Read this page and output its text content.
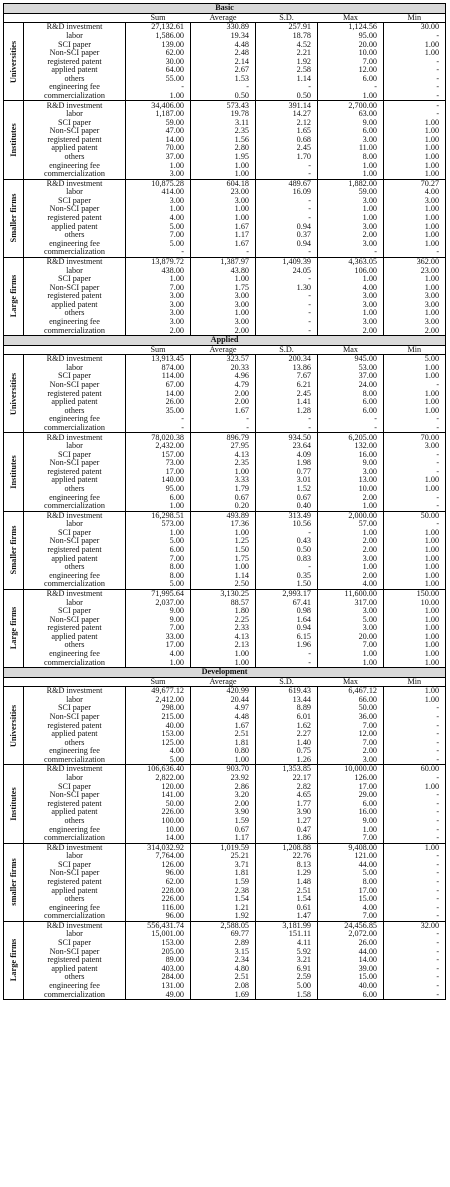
Basic						
		Sum	Average	S.D.	Max	Min

Universities	R&D investment	27,132.61	330.89	257.91	1,124.56	30.00
	labor	1,586.00	19.34	18.78	95.00	-
	SCI paper	139.00	4.48	4.52	20.00	1.00
	Non-SCI paper	62.00	2.48	2.21	10.00	1.00
	registered patent	30.00	2.14	1.92	7.00	-
	applied patent	64.00	2.67	2.58	12.00	-
	others	55.00	1.53	1.14	6.00	-
	engineering fee	-	-	-	-	-
	commercialization	1.00	0.50	0.50	1.00	-

Institutes	R&D investment	34,406.00	573.43	391.14	2,700.00	-
	labor	1,187.00	19.78	14.27	63.00	-
	SCI paper	59.00	3.11	2.12	9.00	1.00
	Non-SCI paper	47.00	2.35	1.65	6.00	1.00
	registered patent	14.00	1.56	0.68	3.00	1.00
	applied patent	70.00	2.80	2.45	11.00	1.00
	others	37.00	1.95	1.70	8.00	1.00
	engineering fee	1.00	1.00	-	1.00	1.00
	commercialization	3.00	1.00	-	1.00	1.00

Smaller firms	R&D investment	10,875.28	604.18	489.67	1,882.00	70.27
	labor	414.00	23.00	16.09	59.00	4.00
	SCI paper	3.00	3.00	-	3.00	3.00
	Non-SCI paper	1.00	1.00	-	1.00	1.00
	registered patent	4.00	1.00	-	1.00	1.00
	applied patent	5.00	1.67	0.94	3.00	1.00
	others	7.00	1.17	0.37	2.00	1.00
	engineering fee	5.00	1.67	0.94	3.00	1.00
	commercialization	-	-	-	-	-

Large firms	R&D investment	13,879.72	1,387.97	1,409.39	4,363.05	362.00
	labor	438.00	43.80	24.05	106.00	23.00
	SCI paper	1.00	1.00	-	1.00	1.00
	Non-SCI paper	7.00	1.75	1.30	4.00	1.00
	registered patent	3.00	3.00	-	3.00	3.00
	applied patent	3.00	3.00	-	3.00	3.00
	others	3.00	1.00	-	1.00	1.00
	engineering fee	3.00	3.00	-	3.00	3.00
	commercialization	2.00	2.00	-	2.00	2.00
Applied						
		Sum	Average	S.D.	Max	Min

Universities	R&D investment	13,913.45	323.57	200.34	945.00	5.00
	labor	874.00	20.33	13.86	53.00	1.00
	SCI paper	114.00	4.96	7.67	37.00	1.00
	Non-SCI paper	67.00	4.79	6.21	24.00	-
	registered patent	14.00	2.00	2.45	8.00	1.00
	applied patent	26.00	2.00	1.41	6.00	1.00
	others	35.00	1.67	1.28	6.00	1.00
	engineering fee	-	-	-	-	-
	commercialization	-	-	-	-	-

Institutes	R&D investment	78,020.38	896.79	934.50	6,205.00	70.00
	labor	2,432.00	27.95	23.64	132.00	3.00
	SCI paper	157.00	4.13	4.09	16.00	-
	Non-SCI paper	73.00	2.35	1.98	9.00	-
	registered patent	17.00	1.00	0.77	3.00	-
	applied patent	140.00	3.33	3.01	13.00	1.00
	others	95.00	1.79	1.52	10.00	1.00
	engineering fee	6.00	0.67	0.67	2.00	-
	commercialization	1.00	0.20	0.40	1.00	-

Smaller firms	R&D investment	16,298.51	493.89	313.49	2,000.00	50.00
	labor	573.00	17.36	10.56	57.00	-
	SCI paper	1.00	1.00	-	1.00	1.00
	Non-SCI paper	5.00	1.25	0.43	2.00	1.00
	registered patent	6.00	1.50	0.50	2.00	1.00
	applied patent	7.00	1.75	0.83	3.00	1.00
	others	8.00	1.00	-	1.00	1.00
	engineering fee	8.00	1.14	0.35	2.00	1.00
	commercialization	5.00	2.50	1.50	4.00	1.00

Large firms	R&D investment	71,995.64	3,130.25	2,993.17	11,600.00	150.00
	labor	2,037.00	88.57	67.41	317.00	10.00
	SCI paper	9.00	1.80	0.98	3.00	1.00
	Non-SCI paper	9.00	2.25	1.64	5.00	1.00
	registered patent	7.00	2.33	0.94	3.00	1.00
	applied patent	33.00	4.13	6.15	20.00	1.00
	others	17.00	2.13	1.96	7.00	1.00
	engineering fee	4.00	1.00	-	1.00	1.00
	commercialization	1.00	1.00	-	1.00	1.00
Development						
		Sum	Average	S.D.	Max	Min

Universities	R&D investment	49,677.12	420.99	619.43	6,467.12	1.00
	labor	2,412.00	20.44	13.44	66.00	1.00
	SCI paper	298.00	4.97	8.89	50.00	-
	Non-SCI paper	215.00	4.48	6.01	36.00	-
	registered patent	40.00	1.67	1.62	7.00	-
	applied patent	153.00	2.51	2.27	12.00	-
	others	125.00	1.81	1.40	7.00	-
	engineering fee	4.00	0.80	0.75	2.00	-
	commercialization	5.00	1.00	1.26	3.00	-

Institutes	R&D investment	106,636.40	903.70	1,353.85	10,000.00	60.00
	labor	2,822.00	23.92	22.17	126.00	-
	SCI paper	120.00	2.86	2.82	17.00	1.00
	Non-SCI paper	141.00	3.20	4.65	29.00	-
	registered patent	50.00	2.00	1.77	6.00	-
	applied patent	226.00	3.90	3.90	16.00	-
	others	100.00	1.59	1.27	9.00	-
	engineering fee	10.00	0.67	0.47	1.00	-
	commercialization	14.00	1.17	1.86	7.00	-

smaller firms	R&D investment	314,032.92	1,019.59	1,208.88	9,408.00	1.00
	labor	7,764.00	25.21	22.76	121.00	-
	SCI paper	126.00	3.71	8.13	44.00	-
	Non-SCI paper	96.00	1.81	1.29	5.00	-
	registered patent	62.00	1.59	1.48	8.00	-
	applied patent	228.00	2.38	2.51	17.00	-
	others	226.00	1.54	1.54	15.00	-
	engineering fee	116.00	1.21	0.61	4.00	-
	commercialization	96.00	1.92	1.47	7.00	-

Large firms	R&D investment	556,431.74	2,588.05	3,181.99	24,456.85	32.00
	labor	15,001.00	69.77	151.11	2,072.00	-
	SCI paper	153.00	2.89	4.11	26.00	-
	Non-SCI paper	205.00	3.15	5.92	44.00	-
	registered patent	89.00	2.34	3.21	14.00	-
	applied patent	403.00	4.80	6.91	39.00	-
	others	284.00	2.51	2.59	15.00	-
	engineering fee	131.00	2.08	5.00	40.00	-
	commercialization	49.00	1.69	1.58	6.00	-
